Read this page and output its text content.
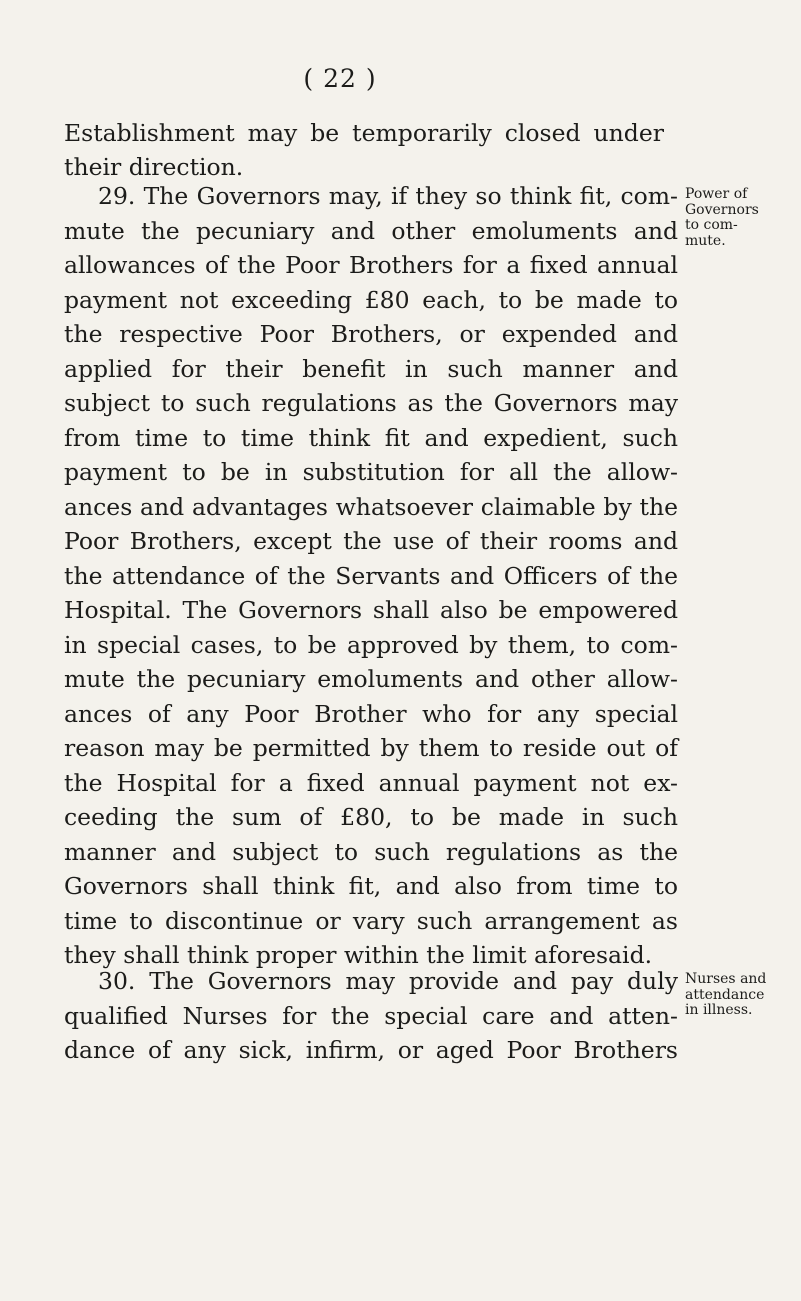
( 22 )
Establishment may be temporarily closed under
their direction.
29. The Governors may, if they so think fit, com-
mute the pecuniary and other emoluments and
allowances of the Poor Brothers for a fixed annual
payment not exceeding £80 each, to be made to
the respective Poor Brothers, or expended and
applied for their benefit in such manner and
subject to such regulations as the Governors may
from time to time think fit and expedient, such
payment to be in substitution for all the allow-
ances and advantages whatsoever claimable by the
Poor Brothers, except the use of their rooms and
the attendance of the Servants and Officers of the
Hospital. The Governors shall also be empowered
in special cases, to be approved by them, to com-
mute the pecuniary emoluments and other allow-
ances of any Poor Brother who for any special
reason may be permitted by them to reside out of
the Hospital for a fixed annual payment not ex-
ceeding the sum of £80, to be made in such
manner and subject to such regulations as the
Governors shall think fit, and also from time to
time to discontinue or vary such arrangement as
they shall think proper within the limit aforesaid.
Power of
Governors
to com-
mute.
30. The Governors may provide and pay duly
qualified Nurses for the special care and atten-
dance of any sick, infirm, or aged Poor Brothers
Nurses and
attendance
in illness.
